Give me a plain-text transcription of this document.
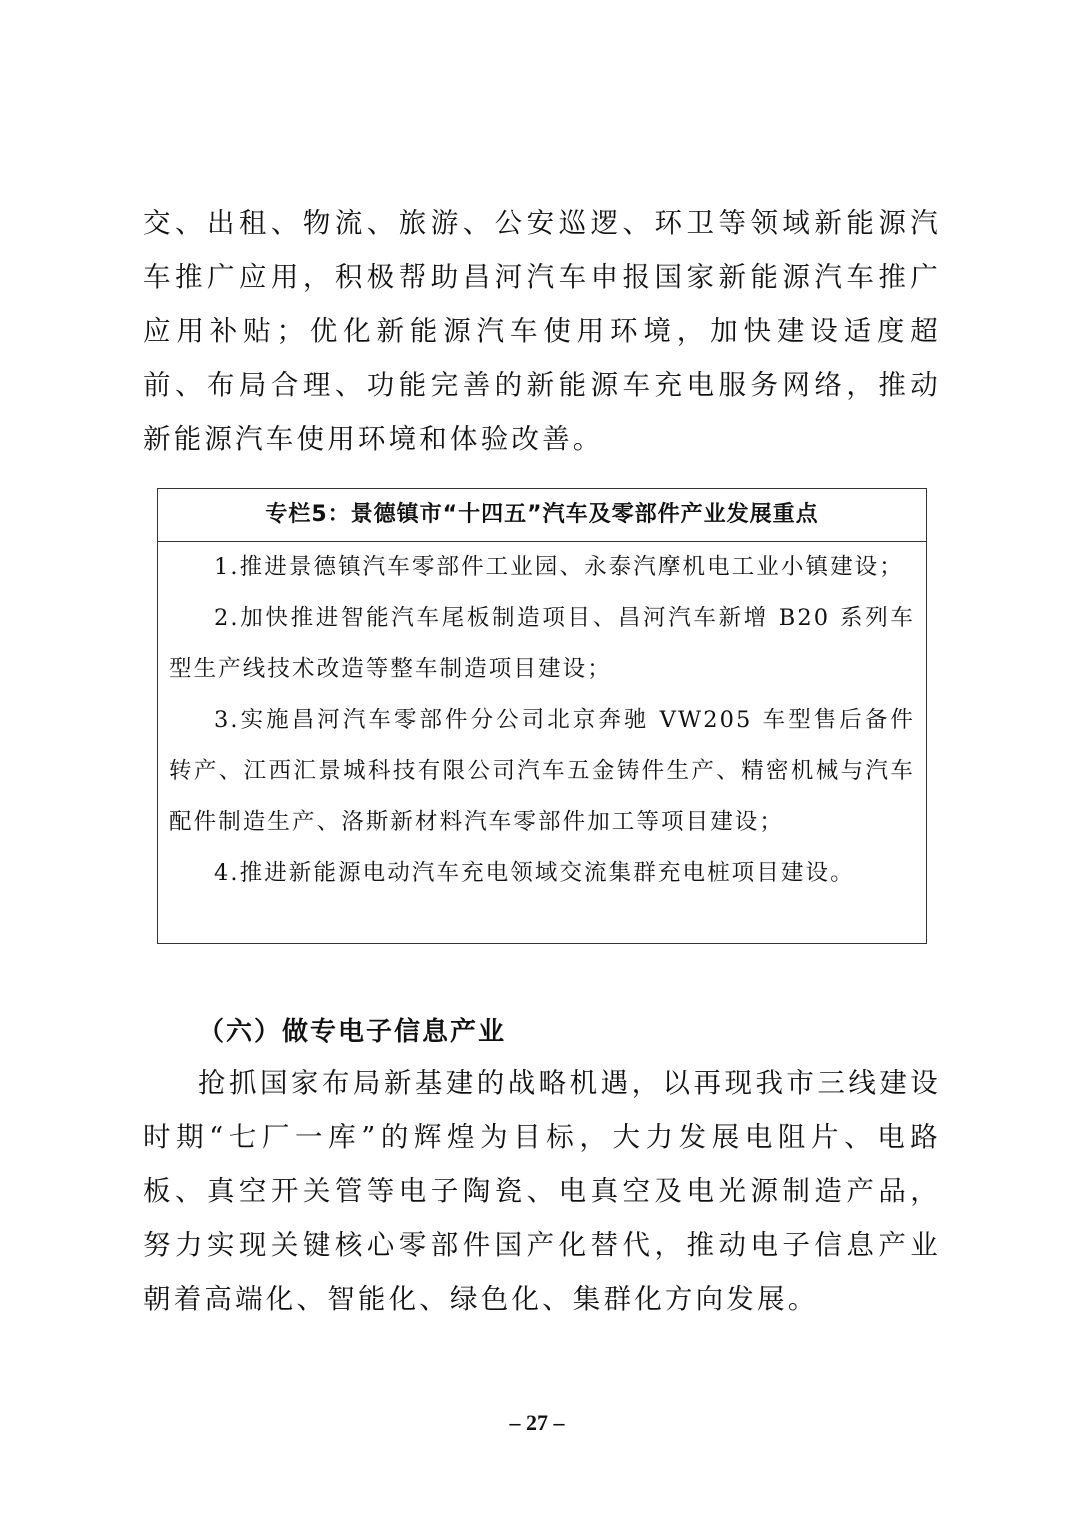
交、出租、物流、旅游、公安巡逻、环卫等领域新能源汽车推广应用，积极帮助昌河汽车申报国家新能源汽车推广应用补贴；优化新能源汽车使用环境，加快建设适度超前、布局合理、功能完善的新能源车充电服务网络，推动新能源汽车使用环境和体验改善。

专栏5：景德镇市“十四五”汽车及零部件产业发展重点

1.推进景德镇汽车零部件工业园、永泰汽摩机电工业小镇建设；

2.加快推进智能汽车尾板制造项目、昌河汽车新增 B20 系列车型生产线技术改造等整车制造项目建设；

3.实施昌河汽车零部件分公司北京奔驰 VW205 车型售后备件转产、江西汇景城科技有限公司汽车五金铸件生产、精密机械与汽车配件制造生产、洛斯新材料汽车零部件加工等项目建设；

4.推进新能源电动汽车充电领域交流集群充电桩项目建设。

（六）做专电子信息产业

抢抓国家布局新基建的战略机遇，以再现我市三线建设时期“七厂一库”的辉煌为目标，大力发展电阻片、电路板、真空开关管等电子陶瓷、电真空及电光源制造产品，努力实现关键核心零部件国产化替代，推动电子信息产业朝着高端化、智能化、绿色化、集群化方向发展。

– 27 –
